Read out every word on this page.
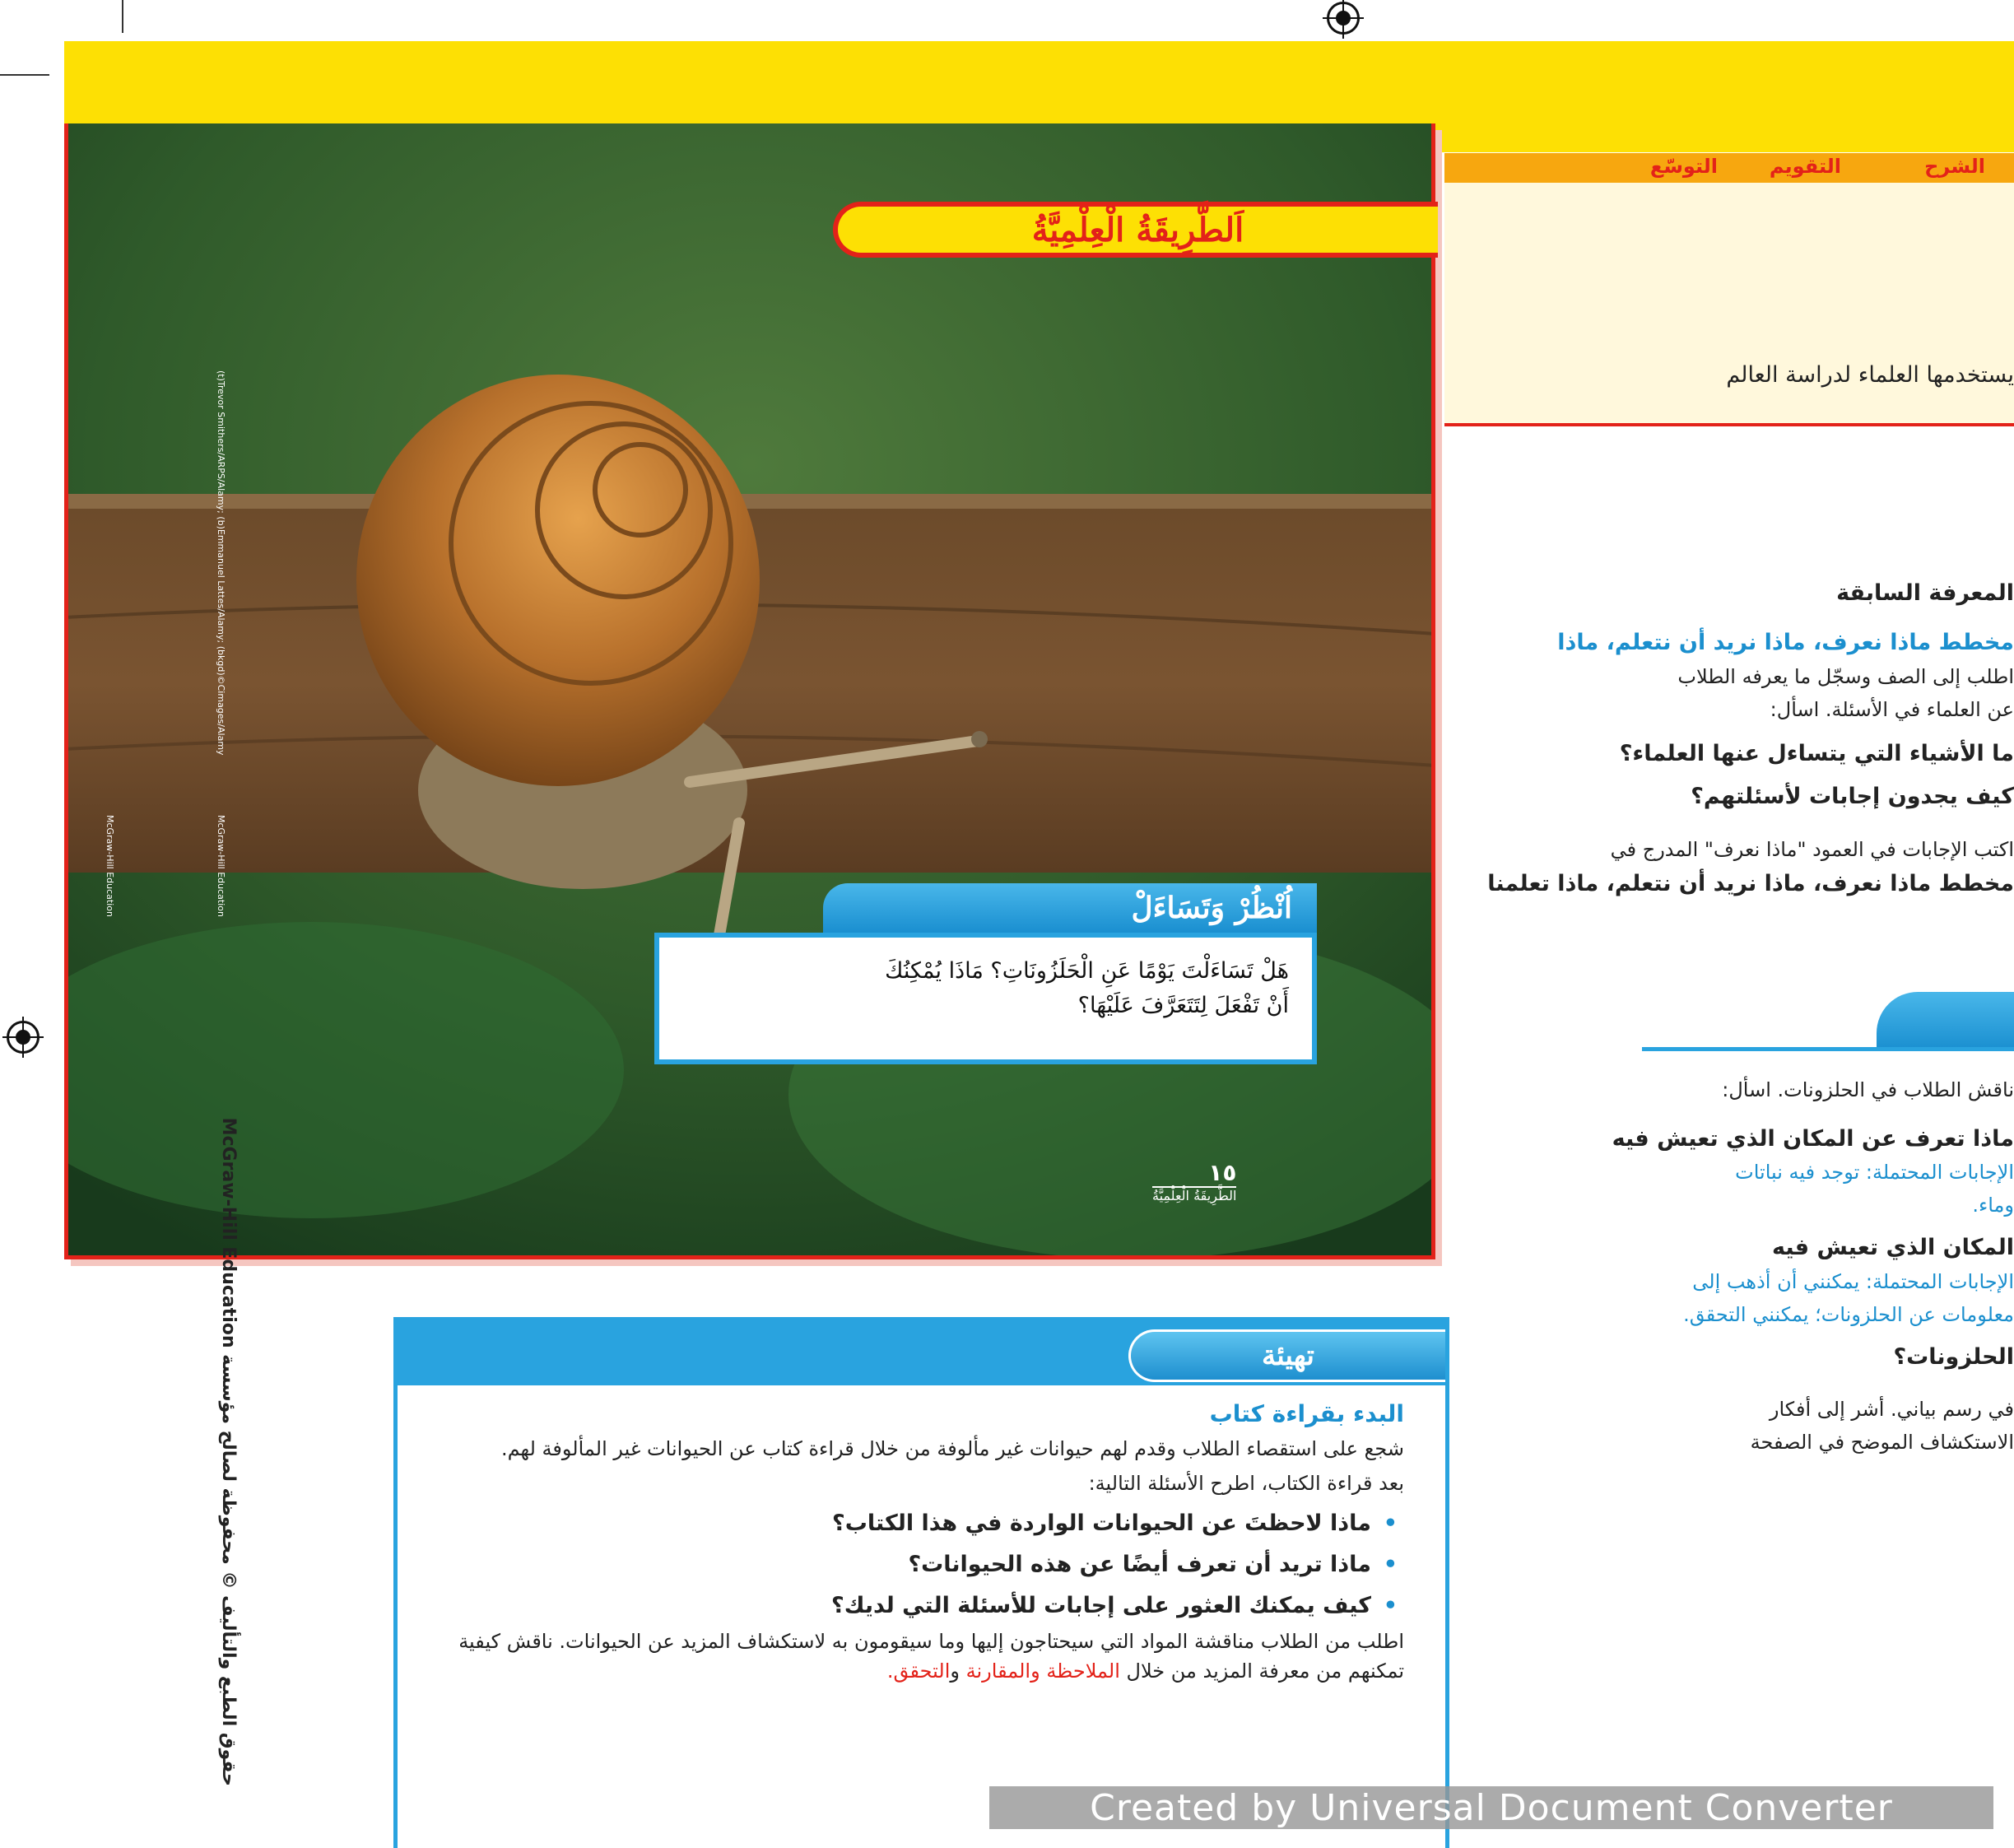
اَلطَّرِيقَةُ الْعِلْمِيَّةُ
(t)Trevor Smithers/ARPS/Alamy; (b)Emmanuel Lattes/Alamy; (bkgd)©Cimages/Alamy
McGraw-Hill Education
McGraw-Hill Education	اُنْظُرْ وَتَسَاءَلْ
هَلْ تَسَاءَلْتَ يَوْمًا عَنِ الْحَلَزُونَاتِ؟ مَاذَا يُمْكِنُكَ
أَنْ تَفْعَلَ لِتَتَعَرَّفَ عَلَيْهَا؟
١٥
الطَّرِيقَةُ الْعِلْمِيَّةُ
الشرح
التقويم
التوسّع
يستخدمها العلماء لدراسة العالم
المعرفة السابقة
مخطط ماذا نعرف، ماذا نريد أن نتعلم، ماذا
اطلب إلى الصف وسجّل ما يعرفه الطلاب
عن العلماء في الأسئلة. اسأل:
ما الأشياء التي يتساءل عنها العلماء؟
كيف يجدون إجابات لأسئلتهم؟
اكتب الإجابات في العمود "ماذا نعرف" المدرج في
مخطط ماذا نعرف، ماذا نريد أن نتعلم، ماذا تعلمنا
ناقش الطلاب في الحلزونات. اسأل:
ماذا تعرف عن المكان الذي تعيش فيه
الإجابات المحتملة: توجد فيه نباتات
وماء.
المكان الذي تعيش فيه
الإجابات المحتملة: يمكنني أن أذهب إلى
معلومات عن الحلزونات؛ يمكنني التحقق.
الحلزونات؟
في رسم بياني. أشر إلى أفكار
الاستكشاف الموضح في الصفحة
تهيئة
البدء بقراءة كتاب

شجع على استقصاء الطلاب وقدم لهم حيوانات غير مألوفة من خلال قراءة كتاب عن الحيوانات غير المألوفة لهم.

بعد قراءة الكتاب، اطرح الأسئلة التالية:

• ماذا لاحظتَ عن الحيوانات الواردة في هذا الكتاب؟
• ماذا تريد أن تعرف أيضًا عن هذه الحيوانات؟
• كيف يمكنك العثور على إجابات للأسئلة التي لديك؟

اطلب من الطلاب مناقشة المواد التي سيحتاجون إليها وما سيقومون به لاستكشاف المزيد عن الحيوانات. ناقش كيفية تمكنهم من معرفة المزيد من خلال الملاحظة والمقارنة والتحقق.

حقوق الطبع والتأليف © محفوظة لصالح مؤسسة McGraw-Hill Education
Created by Universal Document Converter
